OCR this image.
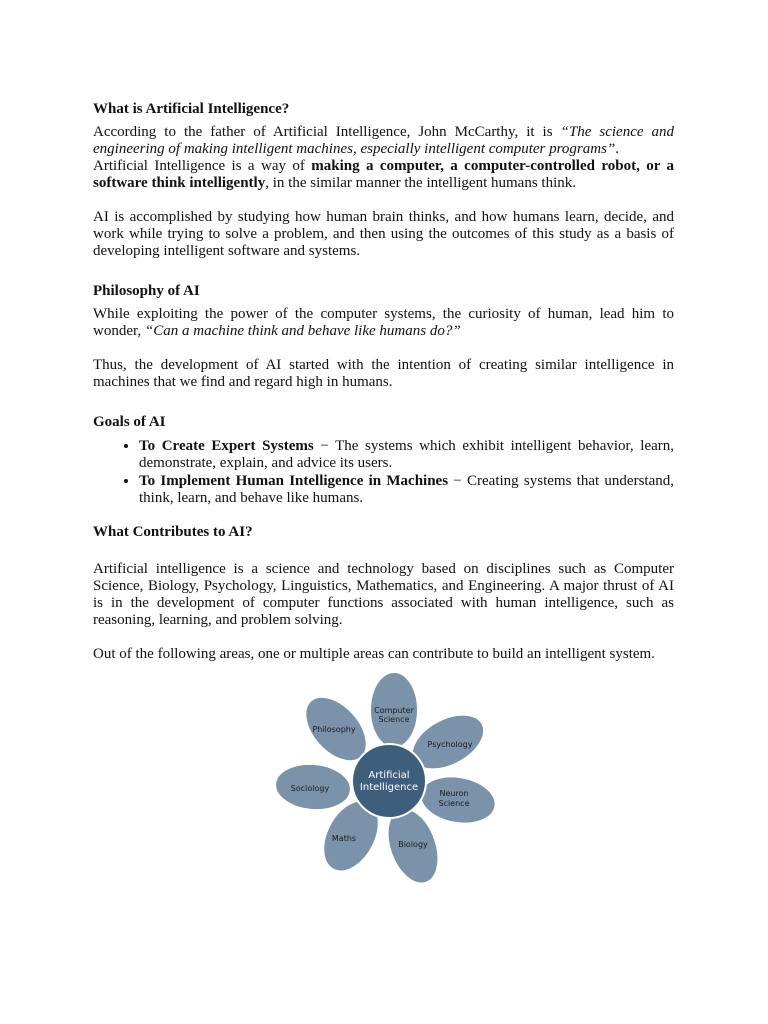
What is Artificial Intelligence?

According to the father of Artificial Intelligence, John McCarthy, it is “The science and engineering of making intelligent machines, especially intelligent computer programs”.
Artificial Intelligence is a way of making a computer, a computer-controlled robot, or a software think intelligently, in the similar manner the intelligent humans think.

AI is accomplished by studying how human brain thinks, and how humans learn, decide, and work while trying to solve a problem, and then using the outcomes of this study as a basis of developing intelligent software and systems.

Philosophy of AI

While exploiting the power of the computer systems, the curiosity of human, lead him to wonder, “Can a machine think and behave like humans do?”

Thus, the development of AI started with the intention of creating similar intelligence in machines that we find and regard high in humans.

Goals of AI
• To Create Expert Systems − The systems which exhibit intelligent behavior, learn, demonstrate, explain, and advice its users.
• To Implement Human Intelligence in Machines − Creating systems that understand, think, learn, and behave like humans.
What Contributes to AI?

Artificial intelligence is a science and technology based on disciplines such as Computer Science, Biology, Psychology, Linguistics, Mathematics, and Engineering. A major thrust of AI is in the development of computer functions associated with human intelligence, such as reasoning, learning, and problem solving.

Out of the following areas, one or multiple areas can contribute to build an intelligent system.

Artificial
Intelligence
Computer
Science
Psychology
Neuron
Science
Biology
Maths
Sociology
Philosophy
